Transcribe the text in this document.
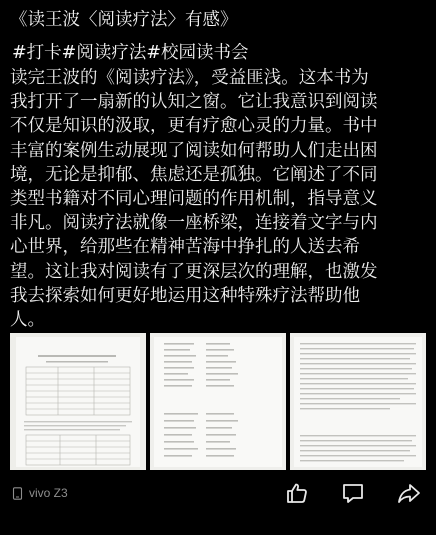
《读王波〈阅读疗法〉有感》
#打卡#阅读疗法#校园读书会
读完王波的《阅读疗法》，受益匪浅。这本书为
我打开了一扇新的认知之窗。它让我意识到阅读
不仅是知识的汲取，更有疗愈心灵的力量。书中
丰富的案例生动展现了阅读如何帮助人们走出困
境，无论是抑郁、焦虑还是孤独。它阐述了不同
类型书籍对不同心理问题的作用机制，指导意义
非凡。阅读疗法就像一座桥梁，连接着文字与内
心世界，给那些在精神苦海中挣扎的人送去希
望。这让我对阅读有了更深层次的理解，也激发
我去探索如何更好地运用这种特殊疗法帮助他
人。
vivo Z3
